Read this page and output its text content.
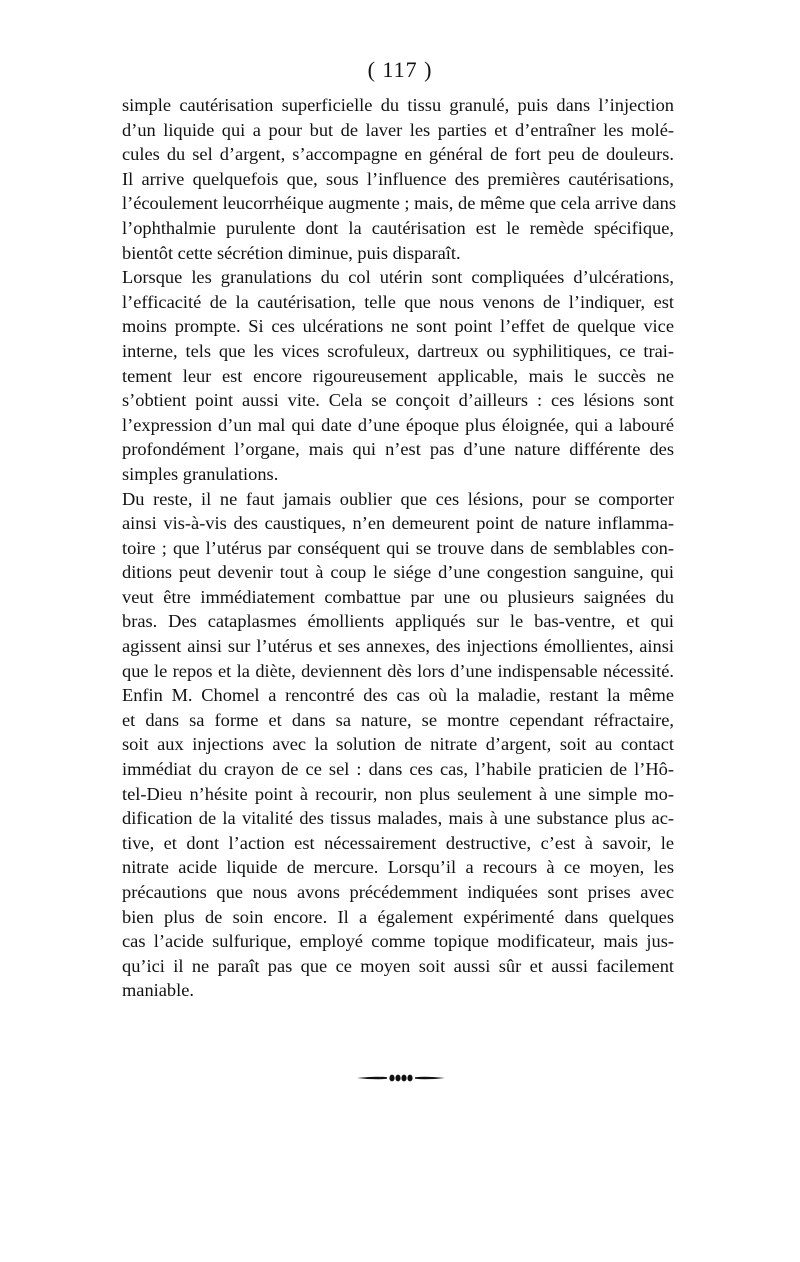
( 117 )

simple cautérisation superficielle du tissu granulé, puis dans l’injection
d’un liquide qui a pour but de laver les parties et d’entraîner les molé-
cules du sel d’argent, s’accompagne en général de fort peu de douleurs.
Il arrive quelquefois que, sous l’influence des premières cautérisations,
l’écoulement leucorrhéique augmente ; mais, de même que cela arrive dans
l’ophthalmie purulente dont la cautérisation est le remède spécifique,
bientôt cette sécrétion diminue, puis disparaît.

Lorsque les granulations du col utérin sont compliquées d’ulcérations,
l’efficacité de la cautérisation, telle que nous venons de l’indiquer, est
moins prompte. Si ces ulcérations ne sont point l’effet de quelque vice
interne, tels que les vices scrofuleux, dartreux ou syphilitiques, ce trai-
tement leur est encore rigoureusement applicable, mais le succès ne
s’obtient point aussi vite. Cela se conçoit d’ailleurs : ces lésions sont
l’expression d’un mal qui date d’une époque plus éloignée, qui a labouré
profondément l’organe, mais qui n’est pas d’une nature différente des
simples granulations.

Du reste, il ne faut jamais oublier que ces lésions, pour se comporter
ainsi vis-à-vis des caustiques, n’en demeurent point de nature inflamma-
toire ; que l’utérus par conséquent qui se trouve dans de semblables con-
ditions peut devenir tout à coup le siége d’une congestion sanguine, qui
veut être immédiatement combattue par une ou plusieurs saignées du
bras. Des cataplasmes émollients appliqués sur le bas-ventre, et qui
agissent ainsi sur l’utérus et ses annexes, des injections émollientes, ainsi
que le repos et la diète, deviennent dès lors d’une indispensable nécessité.

Enfin M. Chomel a rencontré des cas où la maladie, restant la même
et dans sa forme et dans sa nature, se montre cependant réfractaire,
soit aux injections avec la solution de nitrate d’argent, soit au contact
immédiat du crayon de ce sel : dans ces cas, l’habile praticien de l’Hô-
tel-Dieu n’hésite point à recourir, non plus seulement à une simple mo-
dification de la vitalité des tissus malades, mais à une substance plus ac-
tive, et dont l’action est nécessairement destructive, c’est à savoir, le
nitrate acide liquide de mercure. Lorsqu’il a recours à ce moyen, les
précautions que nous avons précédemment indiquées sont prises avec
bien plus de soin encore. Il a également expérimenté dans quelques
cas l’acide sulfurique, employé comme topique modificateur, mais jus-
qu’ici il ne paraît pas que ce moyen soit aussi sûr et aussi facilement
maniable.
